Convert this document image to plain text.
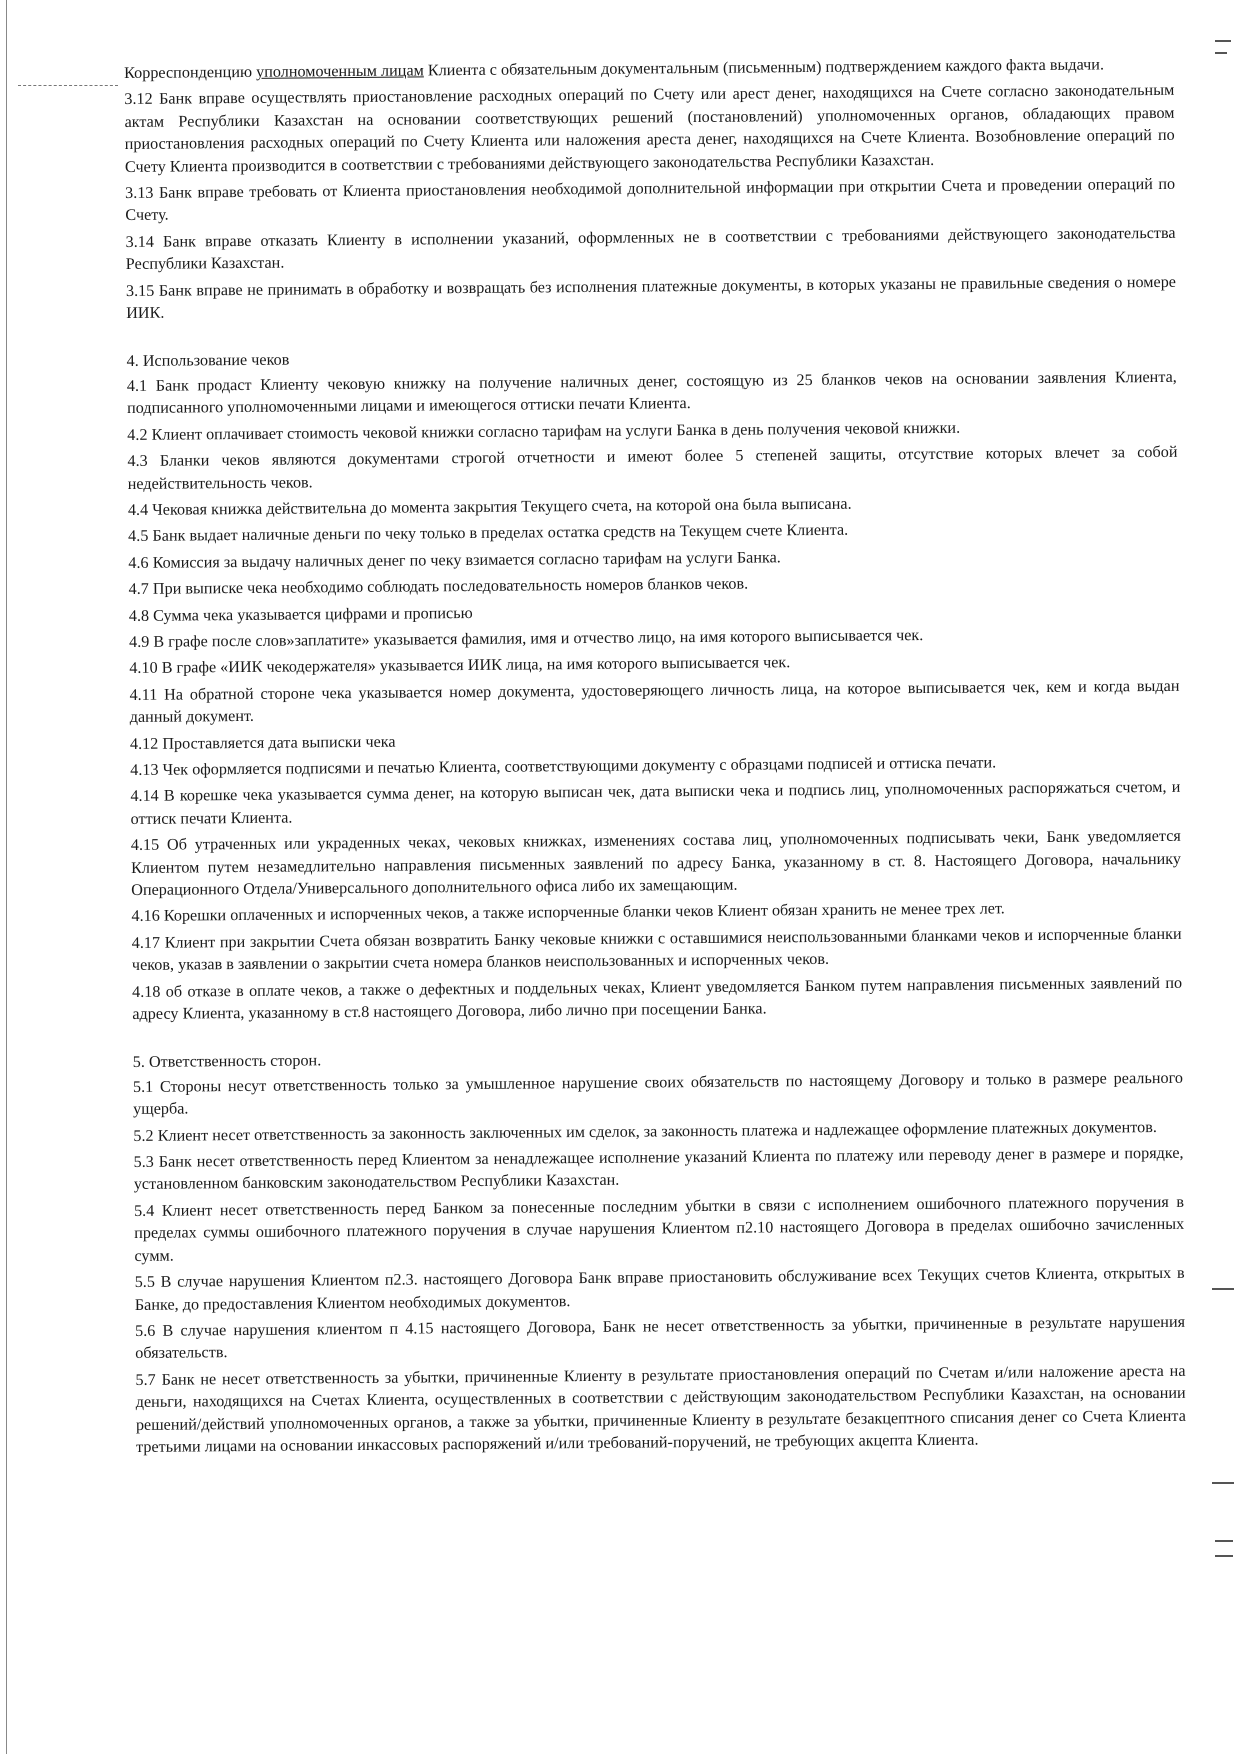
Корреспонденцию уполномоченным лицам Клиента с обязательным документальным (письменным) подтверждением каждого факта выдачи.

3.12 Банк вправе осуществлять приостановление расходных операций по Счету или арест денег, находящихся на Счете согласно законодательным актам Республики Казахстан на основании соответствующих решений (постановлений) уполномоченных органов, обладающих правом приостановления расходных операций по Счету Клиента или наложения ареста денег, находящихся на Счете Клиента. Возобновление операций по Счету Клиента производится в соответствии с требованиями действующего законодательства Республики Казахстан.

3.13 Банк вправе требовать от Клиента приостановления необходимой дополнительной информации при открытии Счета и проведении операций по Счету.

3.14 Банк вправе отказать Клиенту в исполнении указаний, оформленных не в соответствии с требованиями действующего законодательства Республики Казахстан.

3.15 Банк вправе не принимать в обработку и возвращать без исполнения платежные документы, в которых указаны не правильные сведения о номере ИИК.

4. Использование чеков

4.1 Банк продаст Клиенту чековую книжку на получение наличных денег, состоящую из 25 бланков чеков на основании заявления Клиента, подписанного уполномоченными лицами и имеющегося оттиски печати Клиента.

4.2 Клиент оплачивает стоимость чековой книжки согласно тарифам на услуги Банка в день получения чековой книжки.

4.3 Бланки чеков являются документами строгой отчетности и имеют более 5 степеней защиты, отсутствие которых влечет за собой недействительность чеков.

4.4 Чековая книжка действительна до момента закрытия Текущего счета, на которой она была выписана.

4.5 Банк выдает наличные деньги по чеку только в пределах остатка средств на Текущем счете Клиента.

4.6 Комиссия за выдачу наличных денег по чеку взимается согласно тарифам на услуги Банка.

4.7 При выписке чека необходимо соблюдать последовательность номеров бланков чеков.

4.8 Сумма чека указывается цифрами и прописью

4.9 В графе после слов»заплатите» указывается фамилия, имя и отчество лицо, на имя которого выписывается чек.

4.10 В графе «ИИК чекодержателя» указывается ИИК лица, на имя которого выписывается чек.

4.11 На обратной стороне чека указывается номер документа, удостоверяющего личность лица, на которое выписывается чек, кем и когда выдан данный документ.

4.12 Проставляется дата выписки чека

4.13 Чек оформляется подписями и печатью Клиента, соответствующими документу с образцами подписей и оттиска печати.

4.14 В корешке чека указывается сумма денег, на которую выписан чек, дата выписки чека и подпись лиц, уполномоченных распоряжаться счетом, и оттиск печати Клиента.

4.15 Об утраченных или украденных чеках, чековых книжках, изменениях состава лиц, уполномоченных подписывать чеки, Банк уведомляется Клиентом путем незамедлительно направления письменных заявлений по адресу Банка, указанному в ст. 8. Настоящего Договора, начальнику Операционного Отдела/Универсального дополнительного офиса либо их замещающим.

4.16 Корешки оплаченных и испорченных чеков, а также испорченные бланки чеков Клиент обязан хранить не менее трех лет.

4.17 Клиент при закрытии Счета обязан возвратить Банку чековые книжки с оставшимися неиспользованными бланками чеков и испорченные бланки чеков, указав в заявлении о закрытии счета номера бланков неиспользованных и испорченных чеков.

4.18 об отказе в оплате чеков, а также о дефектных и поддельных чеках, Клиент уведомляется Банком путем направления письменных заявлений по адресу Клиента, указанному в ст.8 настоящего Договора, либо лично при посещении Банка.

5. Ответственность сторон.

5.1 Стороны несут ответственность только за умышленное нарушение своих обязательств по настоящему Договору и только в размере реального ущерба.

5.2 Клиент несет ответственность за законность заключенных им сделок, за законность платежа и надлежащее оформление платежных документов.

5.3 Банк несет ответственность перед Клиентом за ненадлежащее исполнение указаний Клиента по платежу или переводу денег в размере и порядке, установленном банковским законодательством Республики Казахстан.

5.4 Клиент несет ответственность перед Банком за понесенные последним убытки в связи с исполнением ошибочного платежного поручения в пределах суммы ошибочного платежного поручения в случае нарушения Клиентом п2.10 настоящего Договора в пределах ошибочно зачисленных сумм.

5.5 В случае нарушения Клиентом п2.3. настоящего Договора Банк вправе приостановить обслуживание всех Текущих счетов Клиента, открытых в Банке, до предоставления Клиентом необходимых документов.

5.6 В случае нарушения клиентом п 4.15 настоящего Договора, Банк не несет ответственность за убытки, причиненные в результате нарушения обязательств.

5.7 Банк не несет ответственность за убытки, причиненные Клиенту в результате приостановления операций по Счетам и/или наложение ареста на деньги, находящихся на Счетах Клиента, осуществленных в соответствии с действующим законодательством Республики Казахстан, на основании решений/действий уполномоченных органов, а также за убытки, причиненные Клиенту в результате безакцептного списания денег со Счета Клиента третьими лицами на основании инкассовых распоряжений и/или требований-поручений, не требующих акцепта Клиента.
